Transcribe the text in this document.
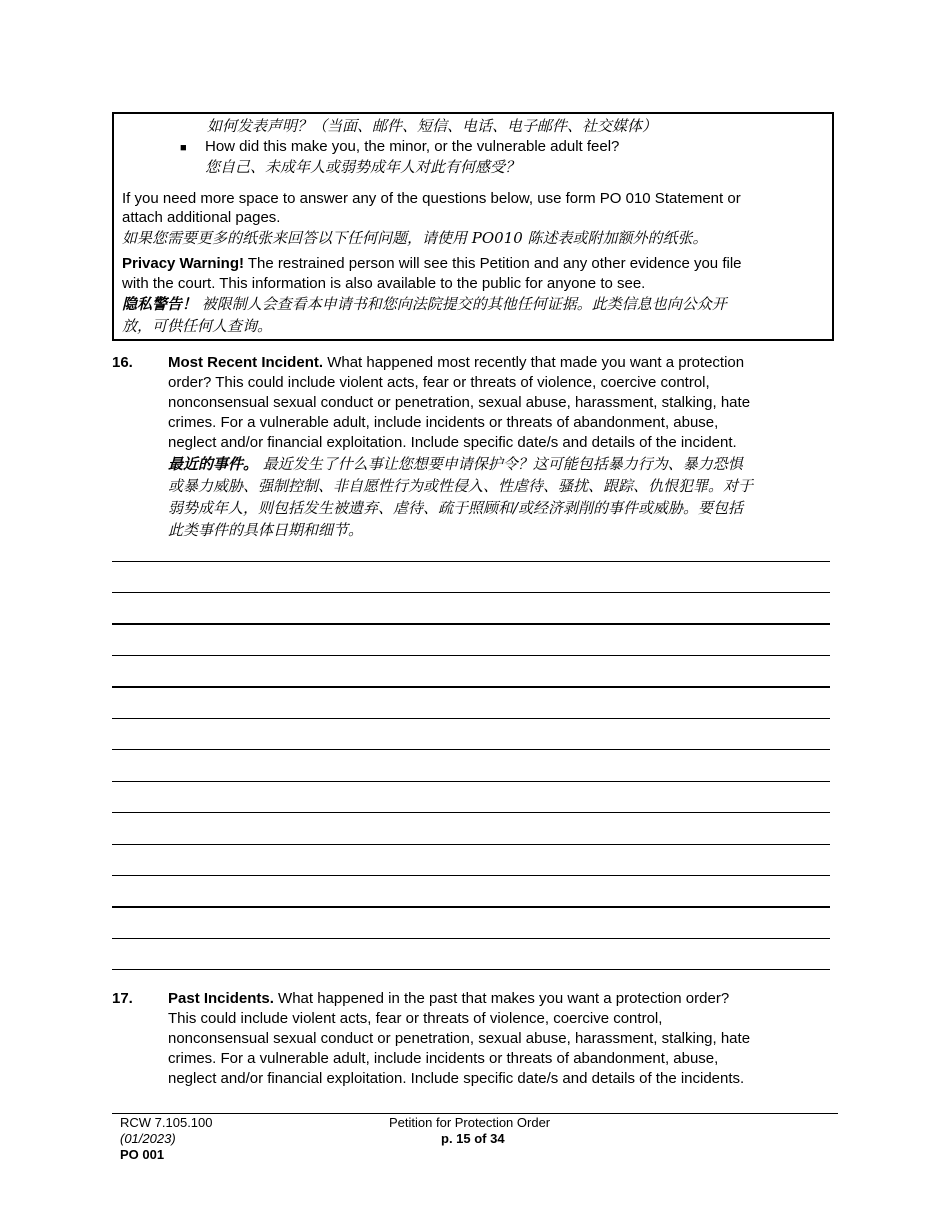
如何发表声明？（当面、邮件、短信、电话、电子邮件、社交媒体）
■ How did this make you, the minor, or the vulnerable adult feel?
您自己、未成年人或弱势成年人对此有何感受？
If you need more space to answer any of the questions below, use form PO 010 Statement or
attach additional pages.
如果您需要更多的纸张来回答以下任何问题，请使用 PO010 陈述表或附加额外的纸张。
Privacy Warning! The restrained person will see this Petition and any other evidence you file
with the court. This information is also available to the public for anyone to see.
隐私警告！ 被限制人会查看本申请书和您向法院提交的其他任何证据。此类信息也向公众开
放，可供任何人查询。
16. Most Recent Incident. What happened most recently that made you want a protection
order? This could include violent acts, fear or threats of violence, coercive control,
nonconsensual sexual conduct or penetration, sexual abuse, harassment, stalking, hate
crimes. For a vulnerable adult, include incidents or threats of abandonment, abuse,
neglect and/or financial exploitation. Include specific date/s and details of the incident.
最近的事件。 最近发生了什么事让您想要申请保护令？这可能包括暴力行为、暴力恐惧
或暴力威胁、强制控制、非自愿性行为或性侵入、性虐待、骚扰、跟踪、仇恨犯罪。对于
弱势成年人，则包括发生被遗弃、虐待、疏于照顾和/或经济剥削的事件或威胁。要包括
此类事件的具体日期和细节。
17. Past Incidents. What happened in the past that makes you want a protection order?
This could include violent acts, fear or threats of violence, coercive control,
nonconsensual sexual conduct or penetration, sexual abuse, harassment, stalking, hate
crimes. For a vulnerable adult, include incidents or threats of abandonment, abuse,
neglect and/or financial exploitation. Include specific date/s and details of the incidents.
RCW 7.105.100
(01/2023)
PO 001
Petition for Protection Order
p. 15 of 34
